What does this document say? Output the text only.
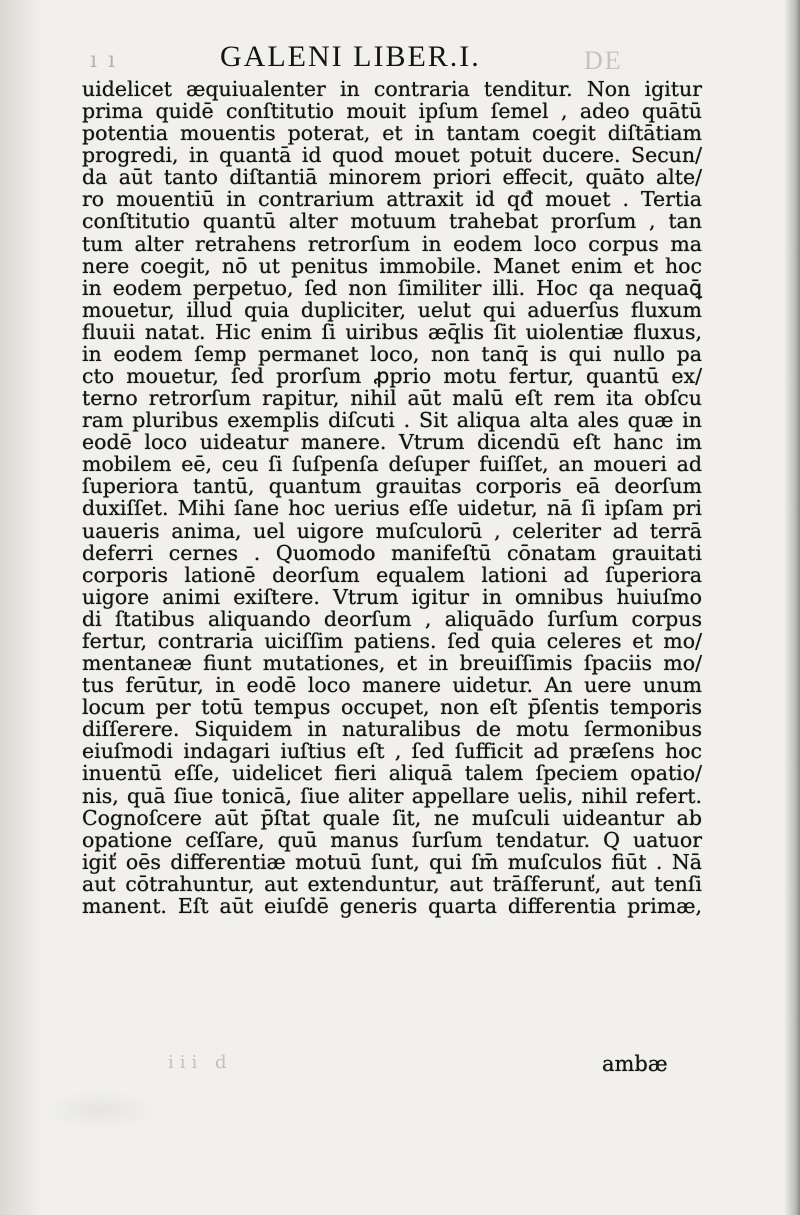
ı ı	GALENI LIBER.I.	DE
uidelicet æquiualenter in contraria tenditur. Non igitur
prima quidē conſtitutio mouit ipſum ſemel , adeo quātū
potentia mouentis poterat, et in tantam coegit diſtātiam
progredi, in quantā id quod mouet potuit ducere. Secun/
da aūt tanto diſtantiā minorem priori effecit, quāto alte/
ro mouentiū in contrarium attraxit id qđ mouet . Tertia
conſtitutio quantū alter motuum trahebat prorſum , tan
tum alter retrahens retrorſum in eodem loco corpus ma
nere coegit, nō ut penitus immobile. Manet enim et hoc
in eodem perpetuo, ſed non ſimiliter illi. Hoc qa nequaꝗ̄
mouetur, illud quia dupliciter, uelut qui aduerſus fluxum
fluuii natat. Hic enim ſi uiribus æq̄lis ſit uiolentiæ fluxus,
in eodem ſemp permanet loco, non tanq̄ is qui nullo pa
cto mouetur, ſed prorſum ꝓprio motu fertur, quantū ex/
terno retrorſum rapitur, nihil aūt malū eſt rem ita obſcu
ram pluribus exemplis diſcuti . Sit aliqua alta ales quæ in
eodē loco uideatur manere. Vtrum dicendū eſt hanc im
mobilem eē, ceu ſi ſuſpenſa deſuper fuiſſet, an moueri ad
ſuperiora tantū, quantum grauitas corporis eā deorſum
duxiſſet. Mihi ſane hoc uerius eſſe uidetur, nā ſi ipſam pri
uaueris anima, uel uigore muſculorū , celeriter ad terrā
deferri cernes . Quomodo manifeſtū cōnatam grauitati
corporis lationē deorſum equalem lationi ad ſuperiora
uigore animi exiſtere. Vtrum igitur in omnibus huiuſmo
di ſtatibus aliquando deorſum , aliquādo ſurſum corpus
fertur, contraria uiciſſim patiens. ſed quia celeres et mo/
mentaneæ fiunt mutationes, et in breuiſſimis ſpaciis mo/
tus ferūtur, in eodē loco manere uidetur. An uere unum
locum per totū tempus occupet, non eſt p̄ſentis temporis
diſſerere. Siquidem in naturalibus de motu ſermonibus
eiuſmodi indagari iuſtius eſt , ſed ſufficit ad præſens hoc
inuentū eſſe, uidelicet fieri aliquā talem ſpeciem opatio/
nis, quā ſiue tonicā, ſiue aliter appellare uelis, nihil refert.
Cognoſcere aūt p̄ſtat quale ſit, ne muſculi uideantur ab
opatione ceſſare, quū manus ſurſum tendatur. Q uatuor
igiť oēs differentiæ motuū ſunt, qui ſm̄ muſculos fiūt . Nā
aut cōtrahuntur, aut extenduntur, aut trāſferunť, aut tenſi
manent. Eſt aūt eiuſdē generis quarta differentia primæ,
iii d	ambæ
